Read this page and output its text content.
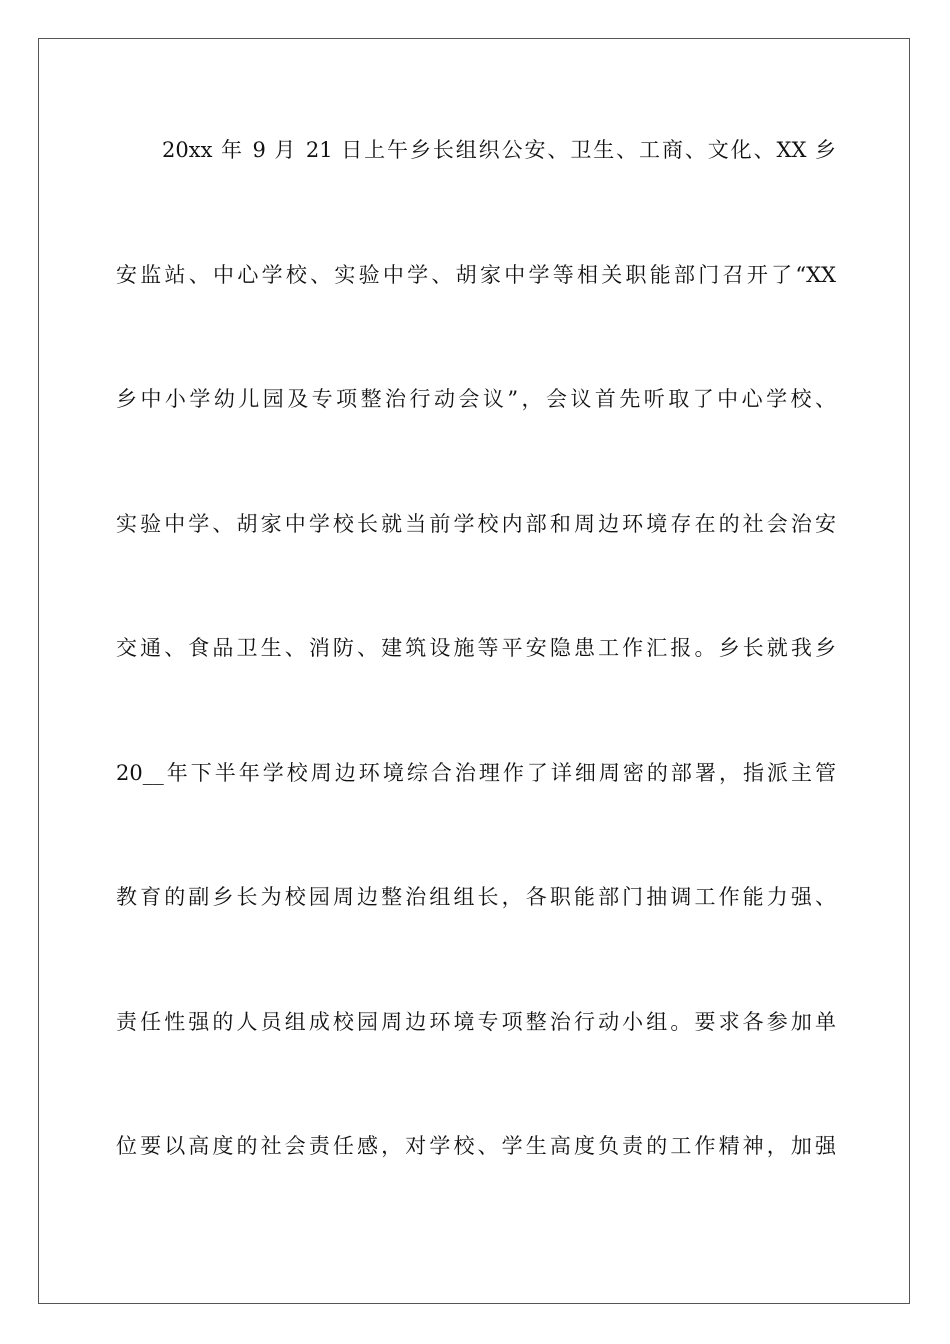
20xx 年 9 月 21 日上午乡长组织公安、卫生、工商、文化、XX 乡
安监站、中心学校、实验中学、胡家中学等相关职能部门召开了“XX
乡中小学幼儿园及专项整治行动会议”，会议首先听取了中心学校、
实验中学、胡家中学校长就当前学校内部和周边环境存在的社会治安
交通、食品卫生、消防、建筑设施等平安隐患工作汇报。乡长就我乡
20__年下半年学校周边环境综合治理作了详细周密的部署，指派主管
教育的副乡长为校园周边整治组组长，各职能部门抽调工作能力强、
责任性强的人员组成校园周边环境专项整治行动小组。要求各参加单
位要以高度的社会责任感，对学校、学生高度负责的工作精神，加强
